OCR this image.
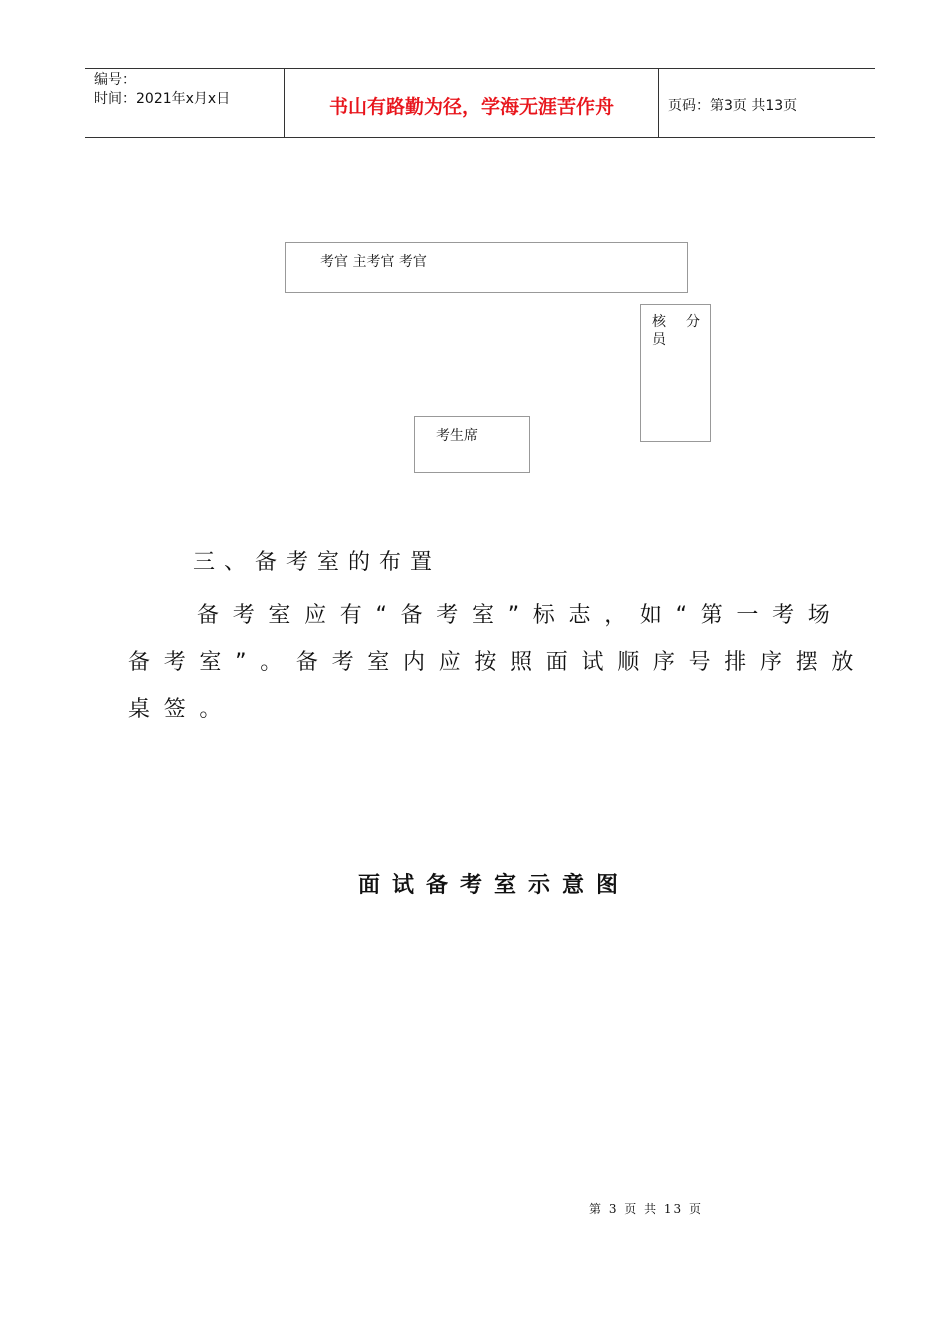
编号：
时间：2021年x月x日	书山有路勤为径，学海无涯苦作舟	页码：第3页 共13页
考官 主考官 考官
核 分
员
考生席
三、备考室的布置
备考室应有“备考室”标志，如“第一考场
备考室”。备考室内应按照面试顺序号排序摆放
桌签。
面试备考室示意图
第 3 页 共 13 页
